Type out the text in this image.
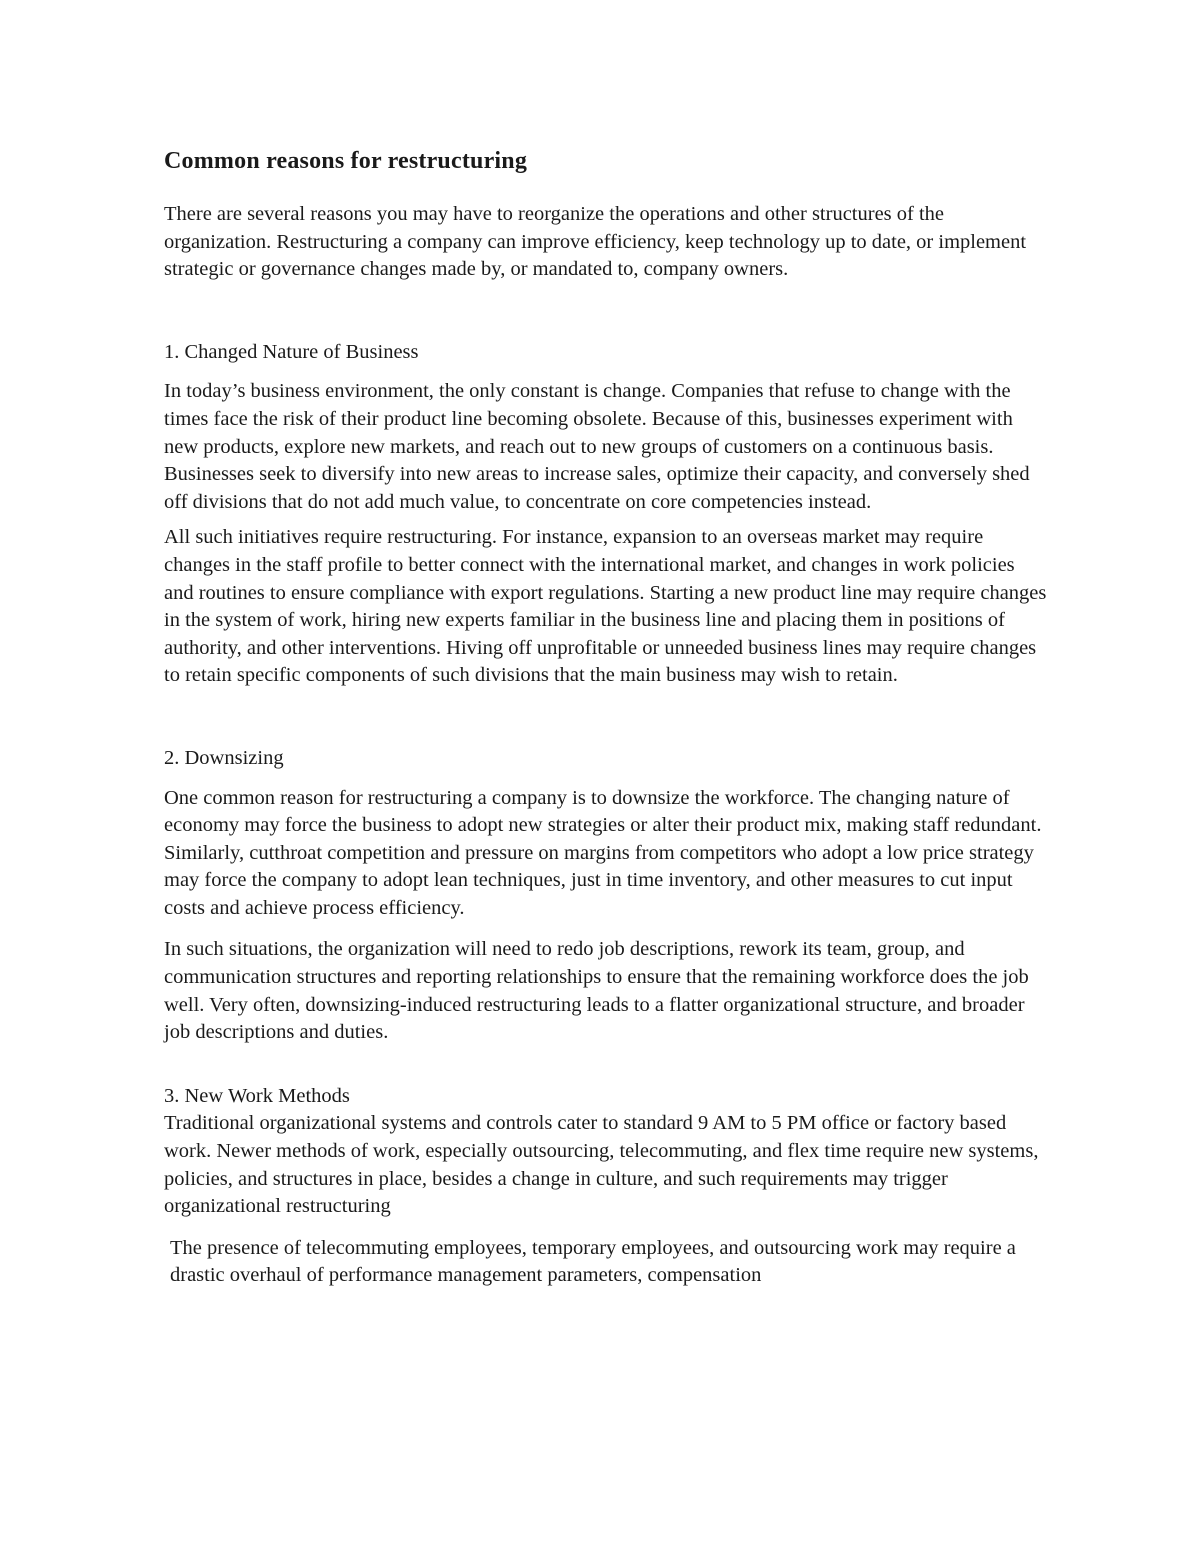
Common reasons for restructuring

There are several reasons you may have to reorganize the operations and other structures of the organization. Restructuring a company can improve efficiency, keep technology up to date, or implement strategic or governance changes made by, or mandated to, company owners.

1. Changed Nature of Business

In today’s business environment, the only constant is change. Companies that refuse to change with the times face the risk of their product line becoming obsolete. Because of this, businesses experiment with new products, explore new markets, and reach out to new groups of customers on a continuous basis. Businesses seek to diversify into new areas to increase sales, optimize their capacity, and conversely shed off divisions that do not add much value, to concentrate on core competencies instead.

All such initiatives require restructuring. For instance, expansion to an overseas market may require changes in the staff profile to better connect with the international market, and changes in work policies and routines to ensure compliance with export regulations. Starting a new product line may require changes in the system of work, hiring new experts familiar in the business line and placing them in positions of authority, and other interventions. Hiving off unprofitable or unneeded business lines may require changes to retain specific components of such divisions that the main business may wish to retain.

2. Downsizing

One common reason for restructuring a company is to downsize the workforce. The changing nature of economy may force the business to adopt new strategies or alter their product mix, making staff redundant. Similarly, cutthroat competition and pressure on margins from competitors who adopt a low price strategy may force the company to adopt lean techniques, just in time inventory, and other measures to cut input costs and achieve process efficiency.

In such situations, the organization will need to redo job descriptions, rework its team, group, and communication structures and reporting relationships to ensure that the remaining workforce does the job well. Very often, downsizing-induced restructuring leads to a flatter organizational structure, and broader job descriptions and duties.

3. New Work Methods

Traditional organizational systems and controls cater to standard 9 AM to 5 PM office or factory based work. Newer methods of work, especially outsourcing, telecommuting, and flex time require new systems, policies, and structures in place, besides a change in culture, and such requirements may trigger organizational restructuring

The presence of telecommuting employees, temporary employees, and outsourcing work may require a drastic overhaul of performance management parameters, compensation
